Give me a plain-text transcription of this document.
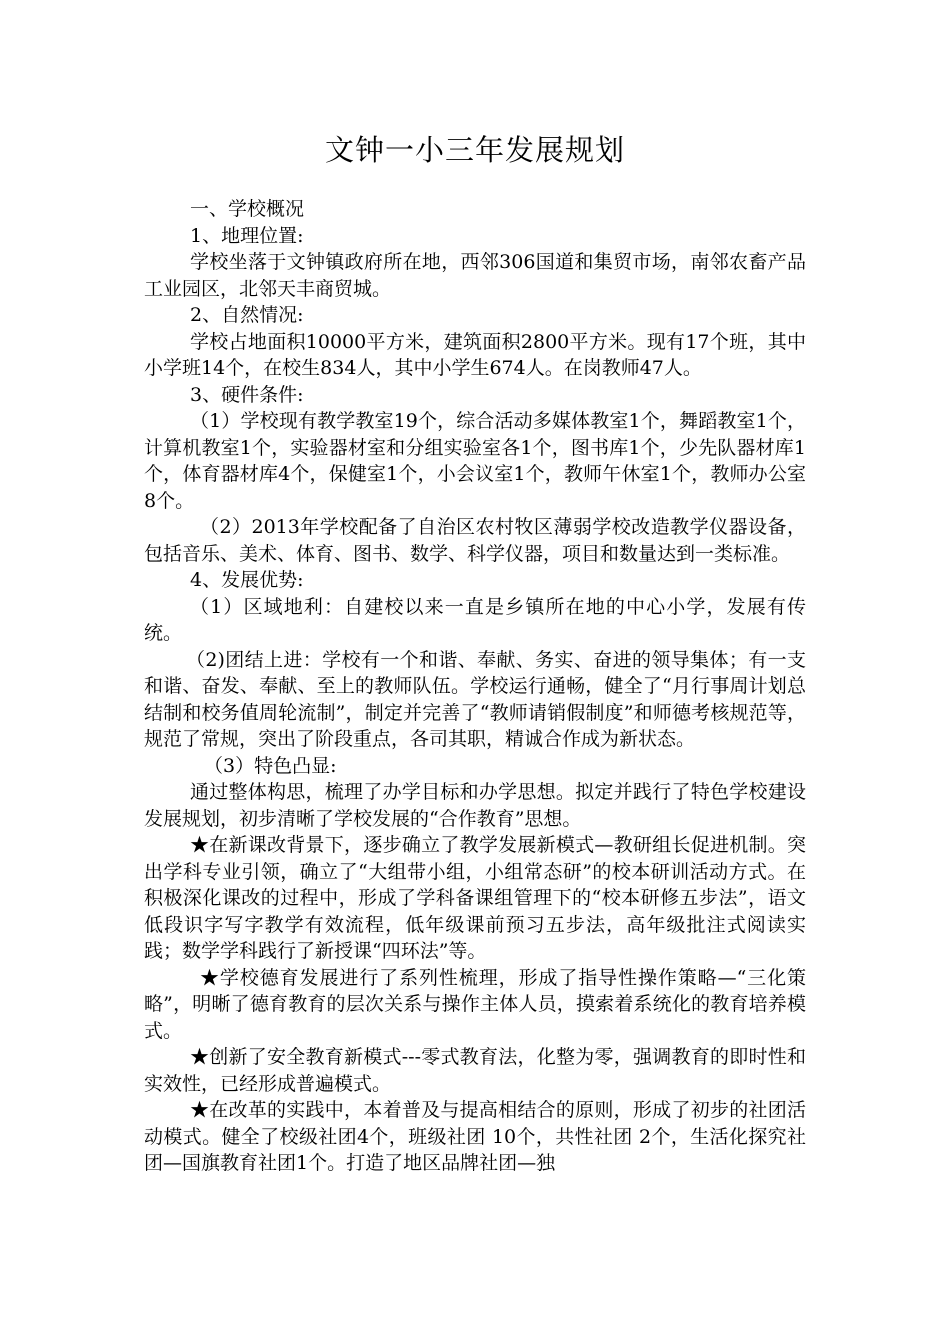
文钟一小三年发展规划

一、学校概况

1、地理位置:

学校坐落于文钟镇政府所在地，西邻306国道和集贸市场，南邻农畜产品工业园区，北邻天丰商贸城。

2、自然情况:

学校占地面积10000平方米，建筑面积2800平方米。现有17个班，其中小学班14个，在校生834人，其中小学生674人。在岗教师47人。

3、硬件条件:

（1）学校现有教学教室19个，综合活动多媒体教室1个，舞蹈教室1个，计算机教室1个，实验器材室和分组实验室各1个，图书库1个，少先队器材库1个，体育器材库4个，保健室1个，小会议室1个，教师午休室1个，教师办公室8个。

（2）2013年学校配备了自治区农村牧区薄弱学校改造教学仪器设备，包括音乐、美术、体育、图书、数学、科学仪器，项目和数量达到一类标准。

4、发展优势:

（1）区域地利：自建校以来一直是乡镇所在地的中心小学，发展有传统。

（2)团结上进：学校有一个和谐、奉献、务实、奋进的领导集体；有一支和谐、奋发、奉献、至上的教师队伍。学校运行通畅，健全了“月行事周计划总结制和校务值周轮流制”，制定并完善了“教师请销假制度”和师德考核规范等，规范了常规，突出了阶段重点，各司其职，精诚合作成为新状态。

（3）特色凸显:

通过整体构思，梳理了办学目标和办学思想。拟定并践行了特色学校建设发展规划，初步清晰了学校发展的“合作教育”思想。

★在新课改背景下，逐步确立了教学发展新模式—教研组长促进机制。突出学科专业引领，确立了“大组带小组，小组常态研”的校本研训活动方式。在积极深化课改的过程中，形成了学科备课组管理下的“校本研修五步法”，语文低段识字写字教学有效流程，低年级课前预习五步法，高年级批注式阅读实践；数学学科践行了新授课“四环法”等。

★学校德育发展进行了系列性梳理，形成了指导性操作策略—“三化策略”，明晰了德育教育的层次关系与操作主体人员，摸索着系统化的教育培养模式。

★创新了安全教育新模式---零式教育法，化整为零，强调教育的即时性和实效性，已经形成普遍模式。

★在改革的实践中，本着普及与提高相结合的原则，形成了初步的社团活动模式。健全了校级社团4个，班级社团 10个，共性社团 2个，生活化探究社团—国旗教育社团1个。打造了地区品牌社团—独
